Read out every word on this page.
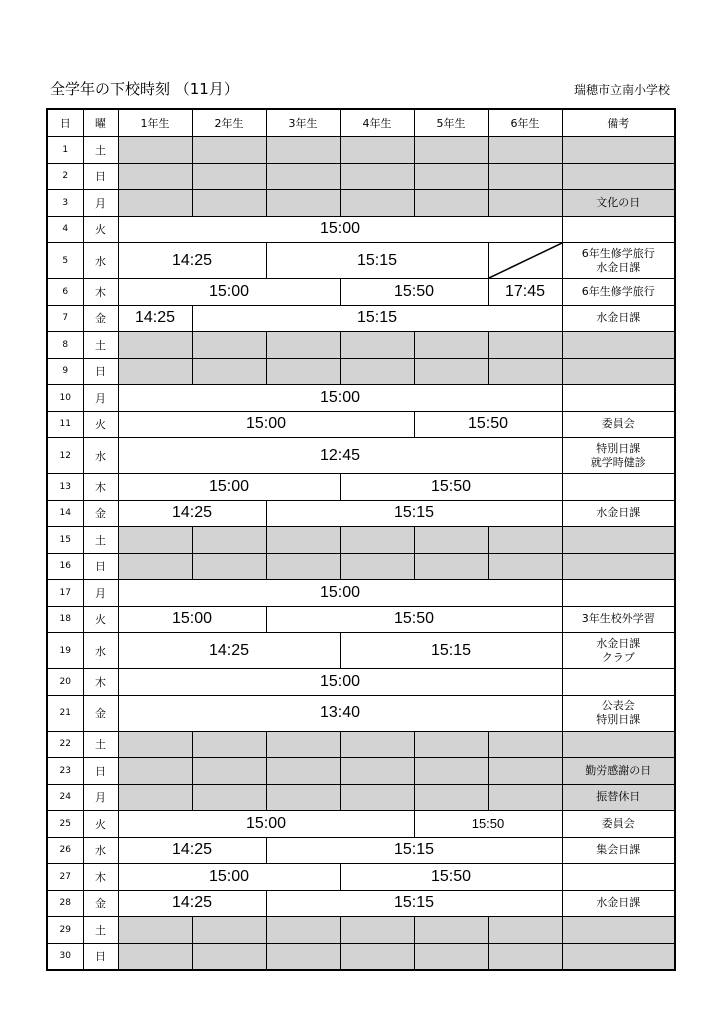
全学年の下校時刻 （11月）	瑞穂市立南小学校
日	曜	1年生	2年生	3年生	4年生	5年生	6年生	備考
1	土							
2	日							
3	月							文化の日

4	火	15:00						
5	水	14:25		15:15				6年生修学旅行
水金日課

6	木	15:00			15:50		17:45	6年生修学旅行

7	金	14:25	15:15					水金日課

8	土							
9	日							
10	月	15:00						
11	火	15:00				15:50		委員会

12	水	12:45						特別日課
就学時健診

13	木	15:00			15:50			
14	金	14:25		15:15				水金日課

15	土							
16	日							
17	月	15:00						
18	火	15:00		15:50				3年生校外学習

19	水	14:25			15:15			水金日課
クラブ

20	木	15:00						
21	金	13:40						公表会
特別日課

22	土							
23	日							勤労感謝の日

24	月							振替休日

25	火	15:00				15:50		委員会

26	水	14:25		15:15				集会日課

27	木	15:00			15:50			
28	金	14:25		15:15				水金日課

29	土							
30	日							
